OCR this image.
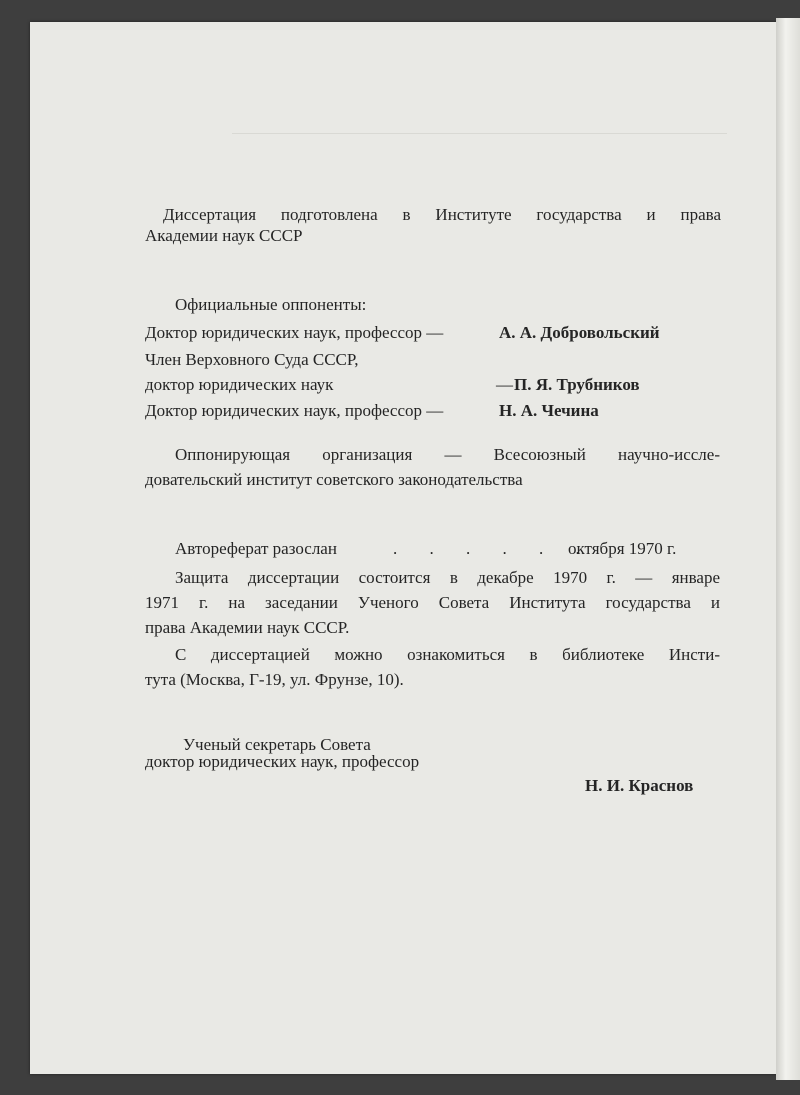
Диссертация подготовлена в Институте государства и права
Академии наук СССР
Официальные оппоненты:
Доктор юридических наук, профессор —	А. А. Добровольский
Член Верховного Суда СССР,
доктор юридических наук	— П. Я. Трубников
Доктор юридических наук, профессор —	Н. А. Чечина
Оппонирующая организация — Всесоюзный научно-иссле-
довательский институт советского законодательства
Автореферат разослан	. . . . . .
октября 1970 г.
Защита диссертации состоится в декабре 1970 г. — январе
1971 г. на заседании Ученого Совета Института государства и
права Академии наук СССР.
С диссертацией можно ознакомиться в библиотеке Инсти-
тута (Москва, Г-19, ул. Фрунзе, 10).
Ученый секретарь Совета
доктор юридических наук, профессор
Н. И. Краснов
